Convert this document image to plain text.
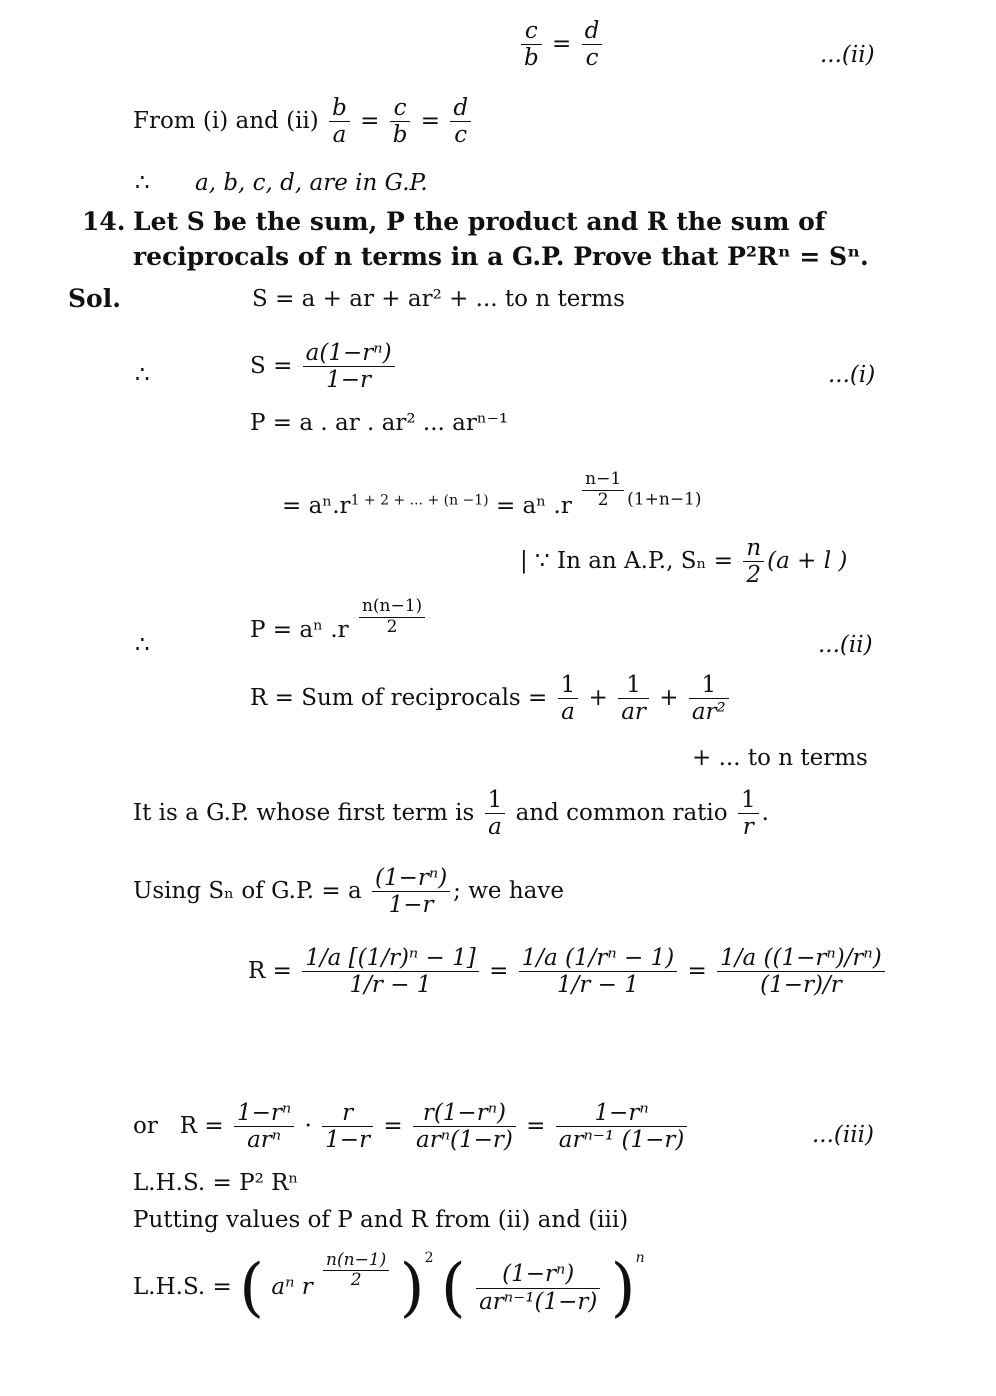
$\frac{c}{b} = \frac{d}{c}$	...(ii)
From (i) and $(ii) \frac{b}{a} = \frac{c}{b} = \frac{d}{c}$
∴ a, b, c, d, are in G.P.
14. Let S be the sum, P the product and R the sum of
reciprocals of n terms in a G.P. Prove that P²Rⁿ = Sⁿ.
Sol.	S = a + ar + ar² + ... to n terms
∴	$S = \frac{\text{a(1−rⁿ)}}{1-r}$	...(i)
P = a . ar . ar² ... arⁿ⁻¹
= $a^n.r^{1 + 2 + ... + (n -1)} = a^n$ $.r \frac{n-1}{2} ^{(1+n-1)}$
| ∵ In an A.P., $S_n = \frac{n}{2} (a + l$ )
∴
P = aⁿ $.r \frac{n(n-1)}{2}$
...(ii)
R = Sum of reciprocals = $\frac{1}{a} + \frac{1}{ar} + \frac{1}{\text{ar²}}$
+ ... to n terms
It is a G.P. whose first term is $\frac{1}{a}$ and common ratio $\frac{1}{r}$ .
Using Sₙ of G.P. = a $\frac{\text{(1−rⁿ)}}{1-r}$ ; we have
$R = \frac{\text{1/a [(1/r)ⁿ − 1]}}{1/r - 1} = \frac{\text{1/a (1/rⁿ − 1)}}{1/r - 1} = \frac{\text{1/a ((1−rⁿ)/rⁿ)}}{(1-r)/r}$
or $R = \frac{\text{1−rⁿ}}{\text{arⁿ}} \cdot \frac{r}{1-r} = \frac{\text{r(1−rⁿ)}}{\text{arⁿ(1−r)}} = \frac{\text{1−rⁿ}}{\text{arⁿ⁻¹ (1−r)}}$	...(iii)
L.H.S. = P² Rⁿ
Putting values of P and R from (ii) and (iii)
L.H.S. = ( aⁿ r $\frac{n(n-1)}{2} )^2$ ( $\frac{\text{(1−rⁿ)}}{\text{arⁿ⁻¹(1−r)}} )^n$
